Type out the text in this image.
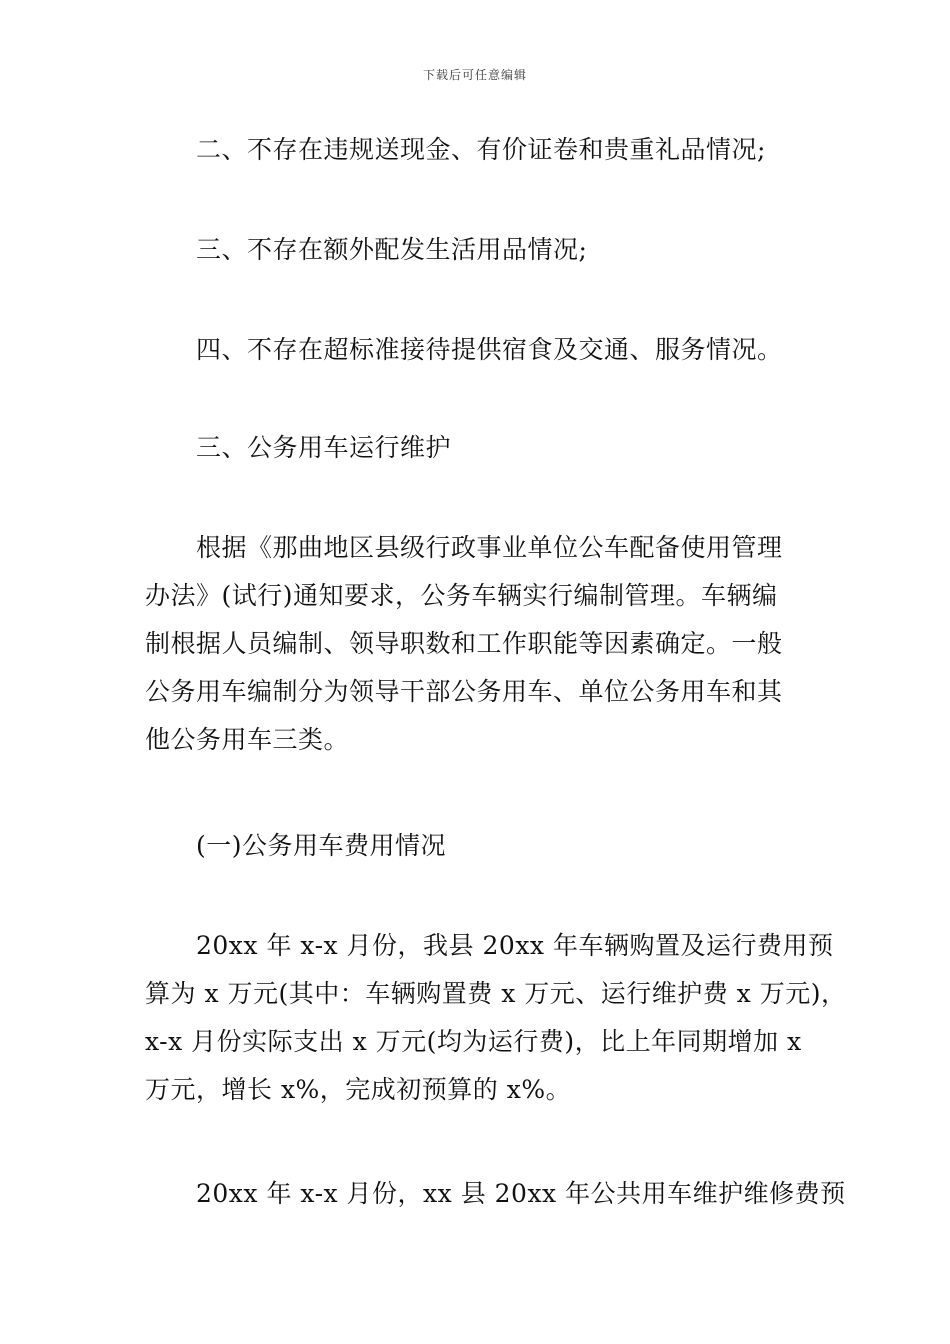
下载后可任意编辑
二、不存在违规送现金、有价证卷和贵重礼品情况;
三、不存在额外配发生活用品情况;
四、不存在超标准接待提供宿食及交通、服务情况。
三、公务用车运行维护
根据《那曲地区县级行政事业单位公车配备使用管理
办法》(试行)通知要求，公务车辆实行编制管理。车辆编
制根据人员编制、领导职数和工作职能等因素确定。一般
公务用车编制分为领导干部公务用车、单位公务用车和其
他公务用车三类。
(一)公务用车费用情况
20xx 年 x-x 月份，我县 20xx 年车辆购置及运行费用预
算为 x 万元(其中：车辆购置费 x 万元、运行维护费 x 万元)，
x-x 月份实际支出 x 万元(均为运行费)，比上年同期增加 x
万元，增长 x%，完成初预算的 x%。
20xx 年 x-x 月份，xx 县 20xx 年公共用车维护维修费预
